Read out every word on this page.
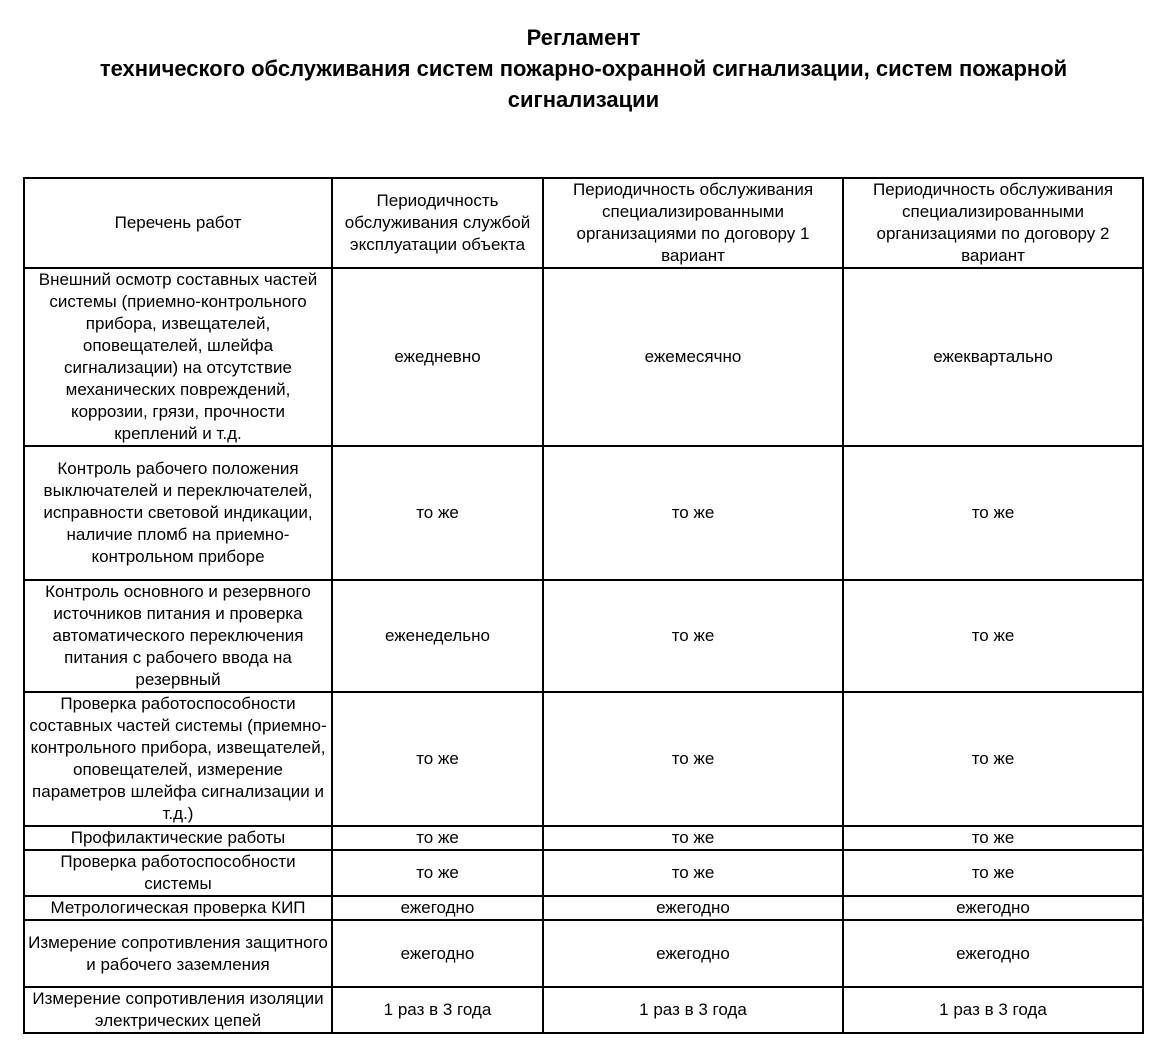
Регламент
технического обслуживания систем пожарно-охранной сигнализации, систем пожарной сигнализации
Перечень работ	Периодичность обслуживания службой эксплуатации объекта	Периодичность обслуживания специализированными организациями по договору 1 вариант	Периодичность обслуживания специализированными организациями по договору 2 вариант
Внешний осмотр составных частей системы (приемно-контрольного прибора, извещателей, оповещателей, шлейфа сигнализации) на отсутствие механических повреждений, коррозии, грязи, прочности креплений и т.д.	ежедневно	ежемесячно	ежеквартально
Контроль рабочего положения выключателей и переключателей, исправности световой индикации, наличие пломб на приемно-контрольном приборе	то же	то же	то же
Контроль основного и резервного источников питания и проверка автоматического переключения питания с рабочего ввода на резервный	еженедельно	то же	то же
Проверка работоспособности составных частей системы (приемно-контрольного прибора, извещателей, оповещателей, измерение параметров шлейфа сигнализации и т.д.)	то же	то же	то же
Профилактические работы	то же	то же	то же
Проверка работоспособности системы	то же	то же	то же
Метрологическая проверка КИП	ежегодно	ежегодно	ежегодно
Измерение сопротивления защитного и рабочего заземления	ежегодно	ежегодно	ежегодно
Измерение сопротивления изоляции электрических цепей	1 раз в 3 года	1 раз в 3 года	1 раз в 3 года
